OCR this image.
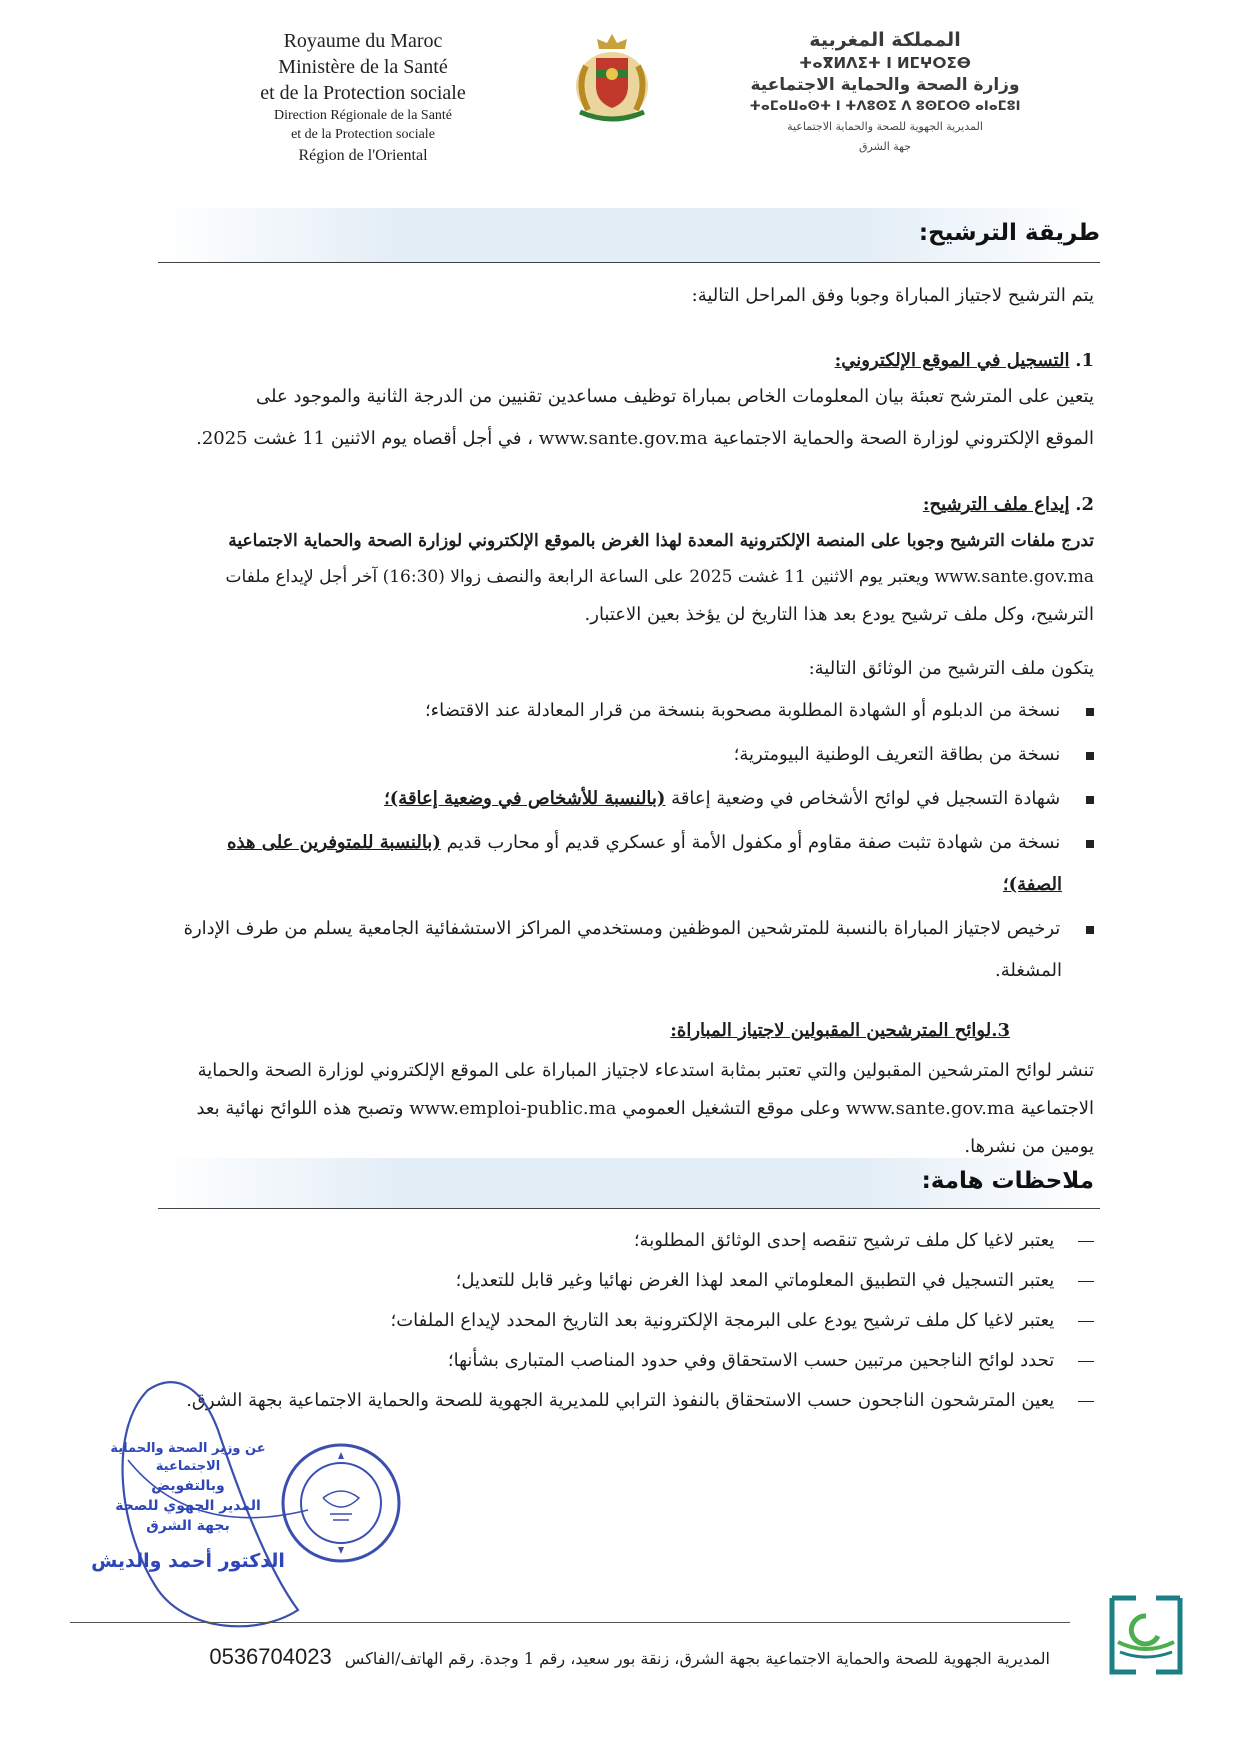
Royaume du Maroc
Ministère de la Santé
et de la Protection sociale
Direction Régionale de la Santé
et de la Protection sociale
Région de l'Oriental
المملكة المغربية
ⵜⴰⴳⵍⴷⵉⵜ ⵏ ⵍⵎⵖⵔⵉⴱ
وزارة الصحة والحماية الاجتماعية
ⵜⴰⵎⴰⵡⴰⵙⵜ ⵏ ⵜⴷⵓⵙⵉ ⴷ ⵓⵙⵎⵔⵙ ⴰⵏⴰⵎⵓⵏ
المديرية الجهوية للصحة والحماية الاجتماعية
جهة الشرق
طريقة الترشيح:
يتم الترشيح لاجتياز المباراة وجوبا وفق المراحل التالية:
1. التسجيل في الموقع الإلكتروني:
يتعين على المترشح تعبئة بيان المعلومات الخاص بمباراة توظيف مساعدين تقنيين من الدرجة الثانية والموجود على
الموقع الإلكتروني لوزارة الصحة والحماية الاجتماعية www.sante.gov.ma ، في أجل أقصاه يوم الاثنين 11 غشت 2025.
2. إيداع ملف الترشيح:
تدرج ملفات الترشيح وجوبا على المنصة الإلكترونية المعدة لهذا الغرض بالموقع الإلكتروني لوزارة الصحة والحماية الاجتماعية
www.sante.gov.ma ويعتبر يوم الاثنين 11 غشت 2025 على الساعة الرابعة والنصف زوالا (16:30) آخر أجل لإيداع ملفات
الترشيح، وكل ملف ترشيح يودع بعد هذا التاريخ لن يؤخذ بعين الاعتبار.
يتكون ملف الترشيح من الوثائق التالية:
نسخة من الدبلوم أو الشهادة المطلوبة مصحوبة بنسخة من قرار المعادلة عند الاقتضاء؛
نسخة من بطاقة التعريف الوطنية البيومترية؛
شهادة التسجيل في لوائح الأشخاص في وضعية إعاقة (بالنسبة للأشخاص في وضعية إعاقة)؛
نسخة من شهادة تثبت صفة مقاوم أو مكفول الأمة أو عسكري قديم أو محارب قديم (بالنسبة للمتوفرين على هذه
الصفة)؛
ترخيص لاجتياز المباراة بالنسبة للمترشحين الموظفين ومستخدمي المراكز الاستشفائية الجامعية يسلم من طرف الإدارة
المشغلة.
3.لوائح المترشحين المقبولين لاجتياز المباراة:
تنشر لوائح المترشحين المقبولين والتي تعتبر بمثابة استدعاء لاجتياز المباراة على الموقع الإلكتروني لوزارة الصحة والحماية
الاجتماعية www.sante.gov.ma وعلى موقع التشغيل العمومي www.emploi-public.ma وتصبح هذه اللوائح نهائية بعد
يومين من نشرها.
ملاحظات هامة:
يعتبر لاغيا كل ملف ترشيح تنقصه إحدى الوثائق المطلوبة؛
يعتبر التسجيل في التطبيق المعلوماتي المعد لهذا الغرض نهائيا وغير قابل للتعديل؛
يعتبر لاغيا كل ملف ترشيح يودع على البرمجة الإلكترونية بعد التاريخ المحدد لإيداع الملفات؛
تحدد لوائح الناجحين مرتبين حسب الاستحقاق وفي حدود المناصب المتبارى بشأنها؛
يعين المترشحون الناجحون حسب الاستحقاق بالنفوذ الترابي للمديرية الجهوية للصحة والحماية الاجتماعية بجهة الشرق.
عن وزير الصحة والحماية الاجتماعية
وبالتفويض
المدير الجهوي للصحة
بجهة الشرق
الدكتور أحمد والديش
المديرية الجهوية للصحة والحماية الاجتماعية بجهة الشرق، زنقة بور سعيد، رقم 1 وجدة. رقم الهاتف/الفاكس 0536704023
